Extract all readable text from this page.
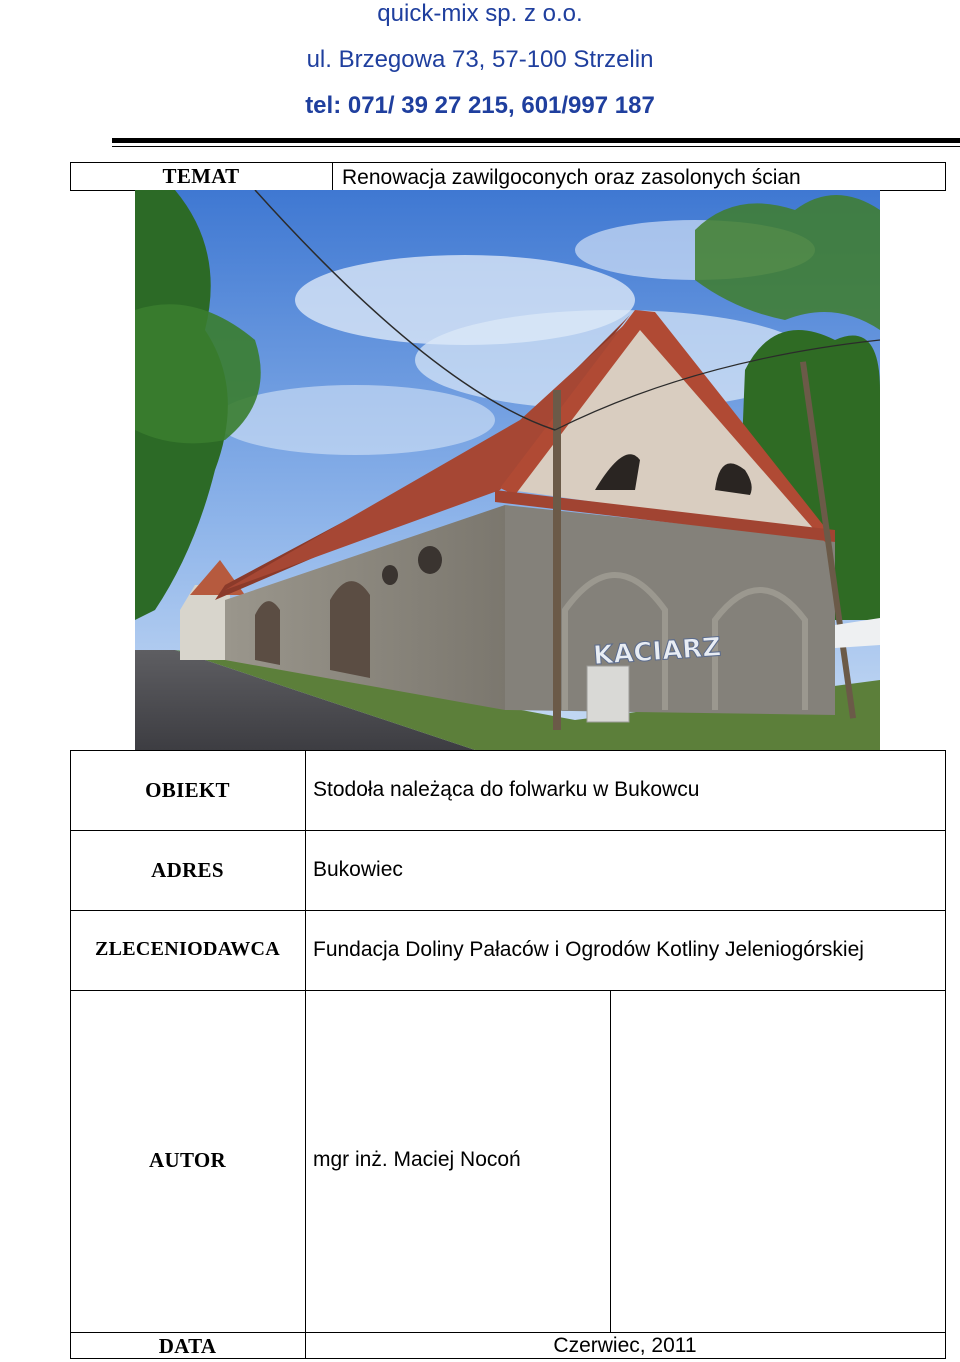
quick-mix sp. z o.o.
ul. Brzegowa 73, 57-100 Strzelin
tel: 071/ 39 27 215, 601/997 187
TEMAT	Renowacja zawilgoconych oraz zasolonych ścian
OBIEKT	Stodoła należąca do folwarku w Bukowcu
ADRES	Bukowiec
ZLECENIODAWCA	Fundacja Doliny Pałaców i Ogrodów Kotliny Jeleniogórskiej
AUTOR	mgr inż. Maciej Nocoń
DATA	Czerwiec, 2011
KACIARZ
